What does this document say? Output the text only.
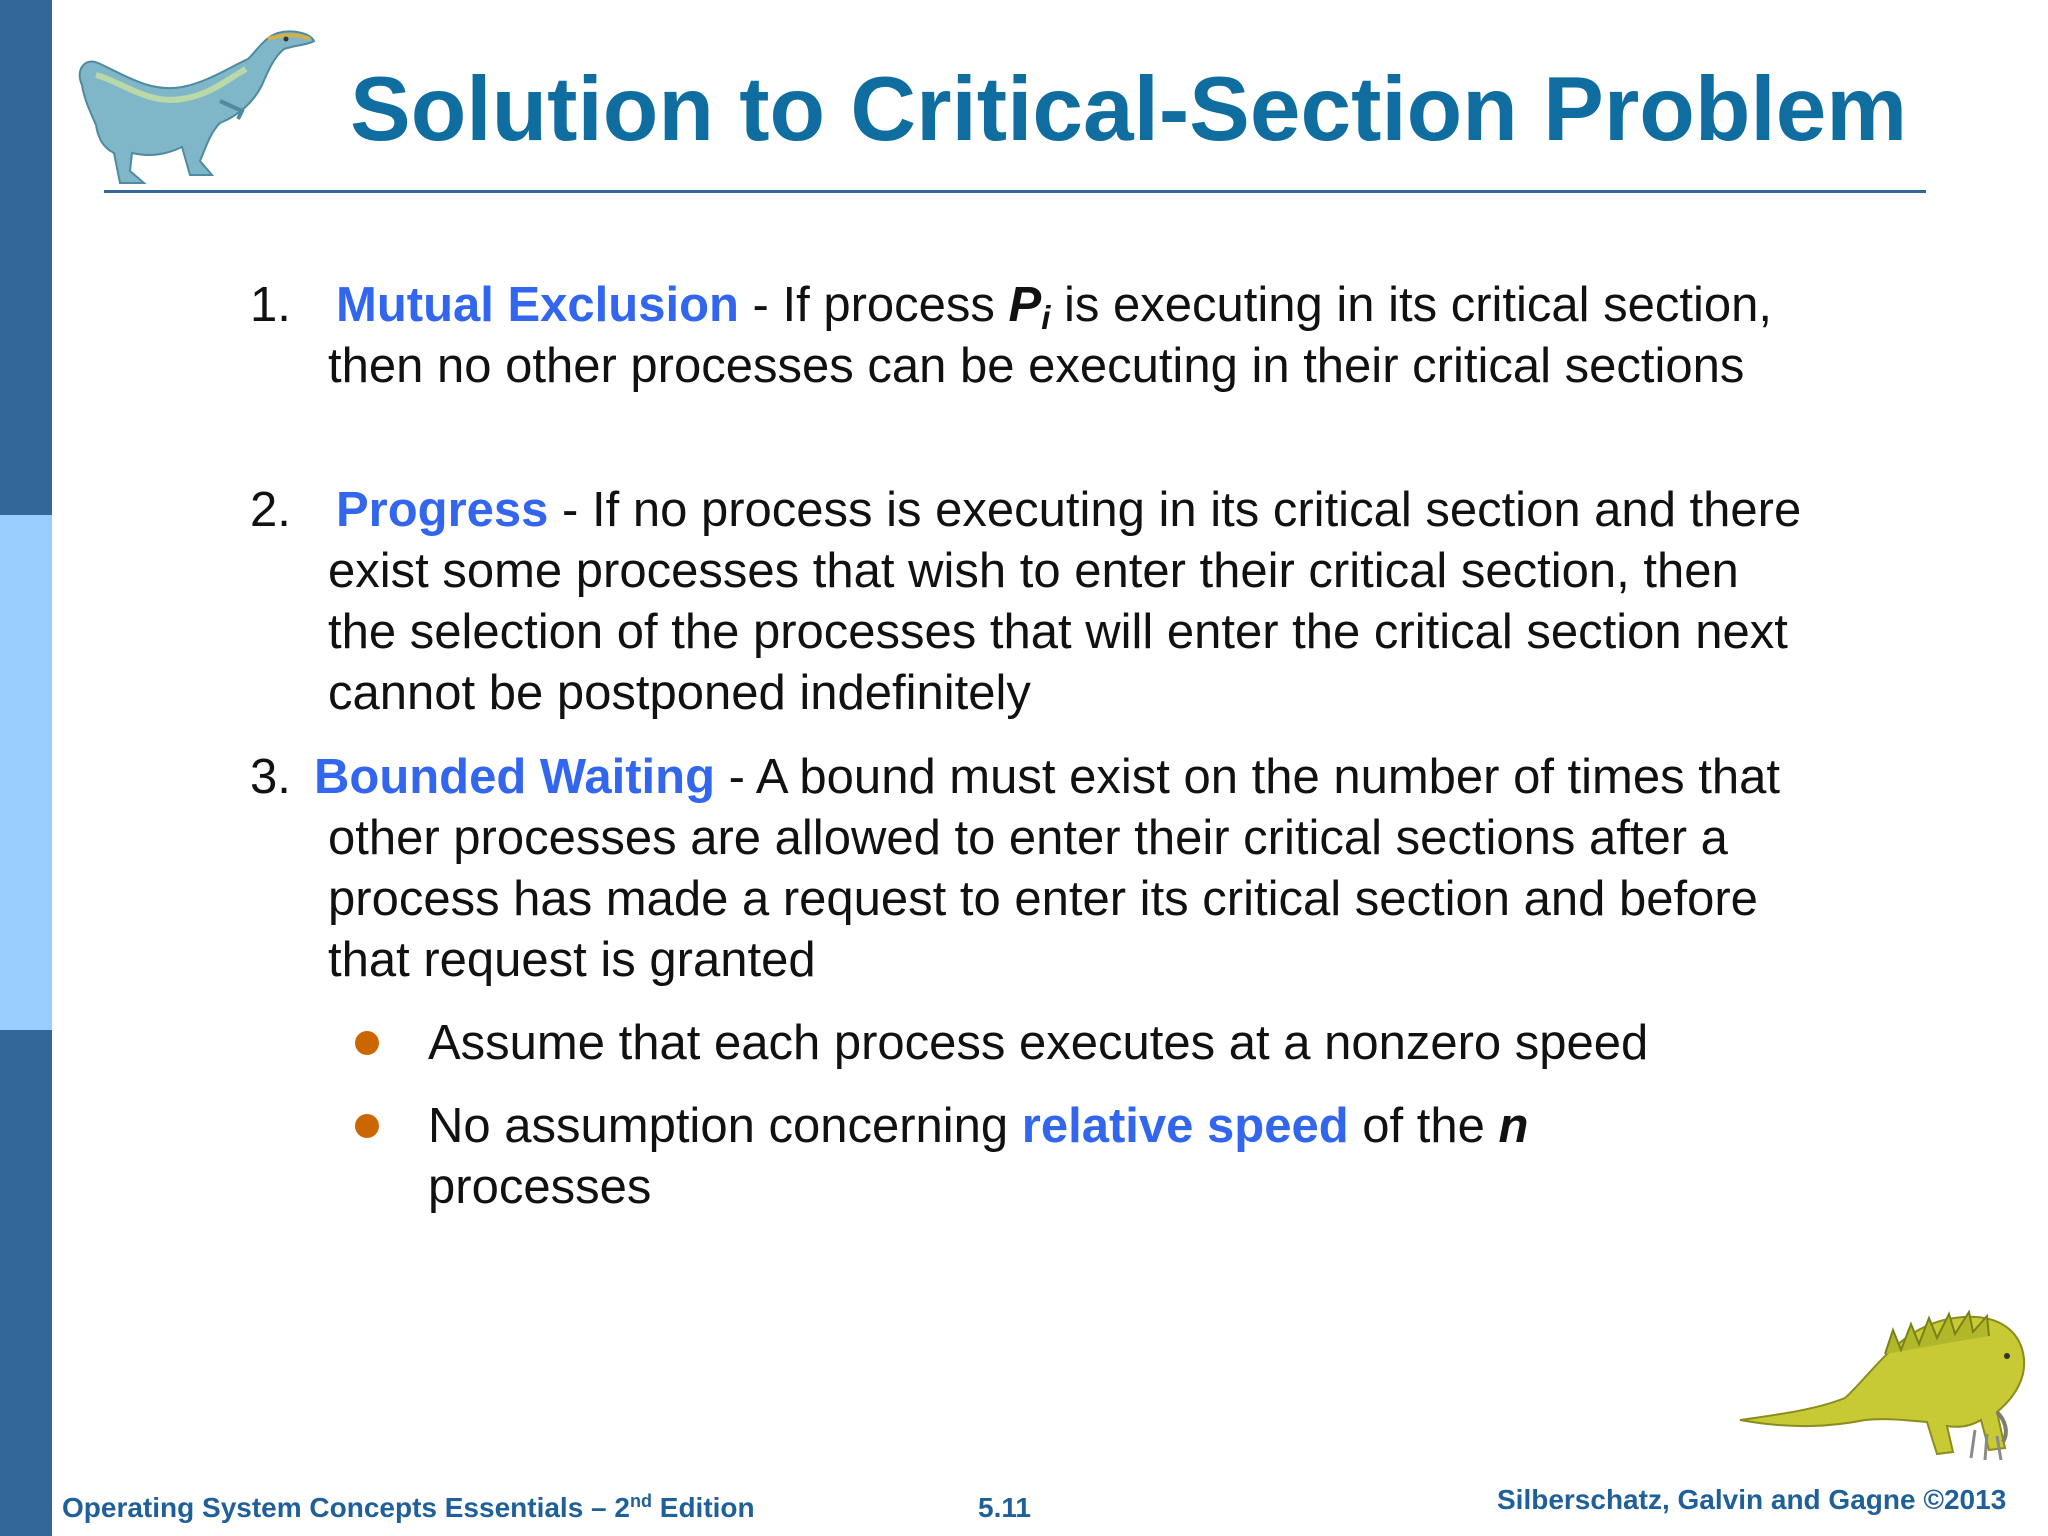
Solution to Critical-Section Problem
1. Mutual Exclusion - If process $P_i$ is executing in its critical section, then no other processes can be executing in their critical sections
2. Progress - If no process is executing in its critical section and there exist some processes that wish to enter their critical section, then the selection of the processes that will enter the critical section next cannot be postponed indefinitely
3. Bounded Waiting - A bound must exist on the number of times that other processes are allowed to enter their critical sections after a process has made a request to enter its critical section and before that request is granted
Assume that each process executes at a nonzero speed
No assumption concerning relative speed of the n processes
Operating System Concepts Essentials – 2nd Edition	5.11	Silberschatz, Galvin and Gagne ©2013
